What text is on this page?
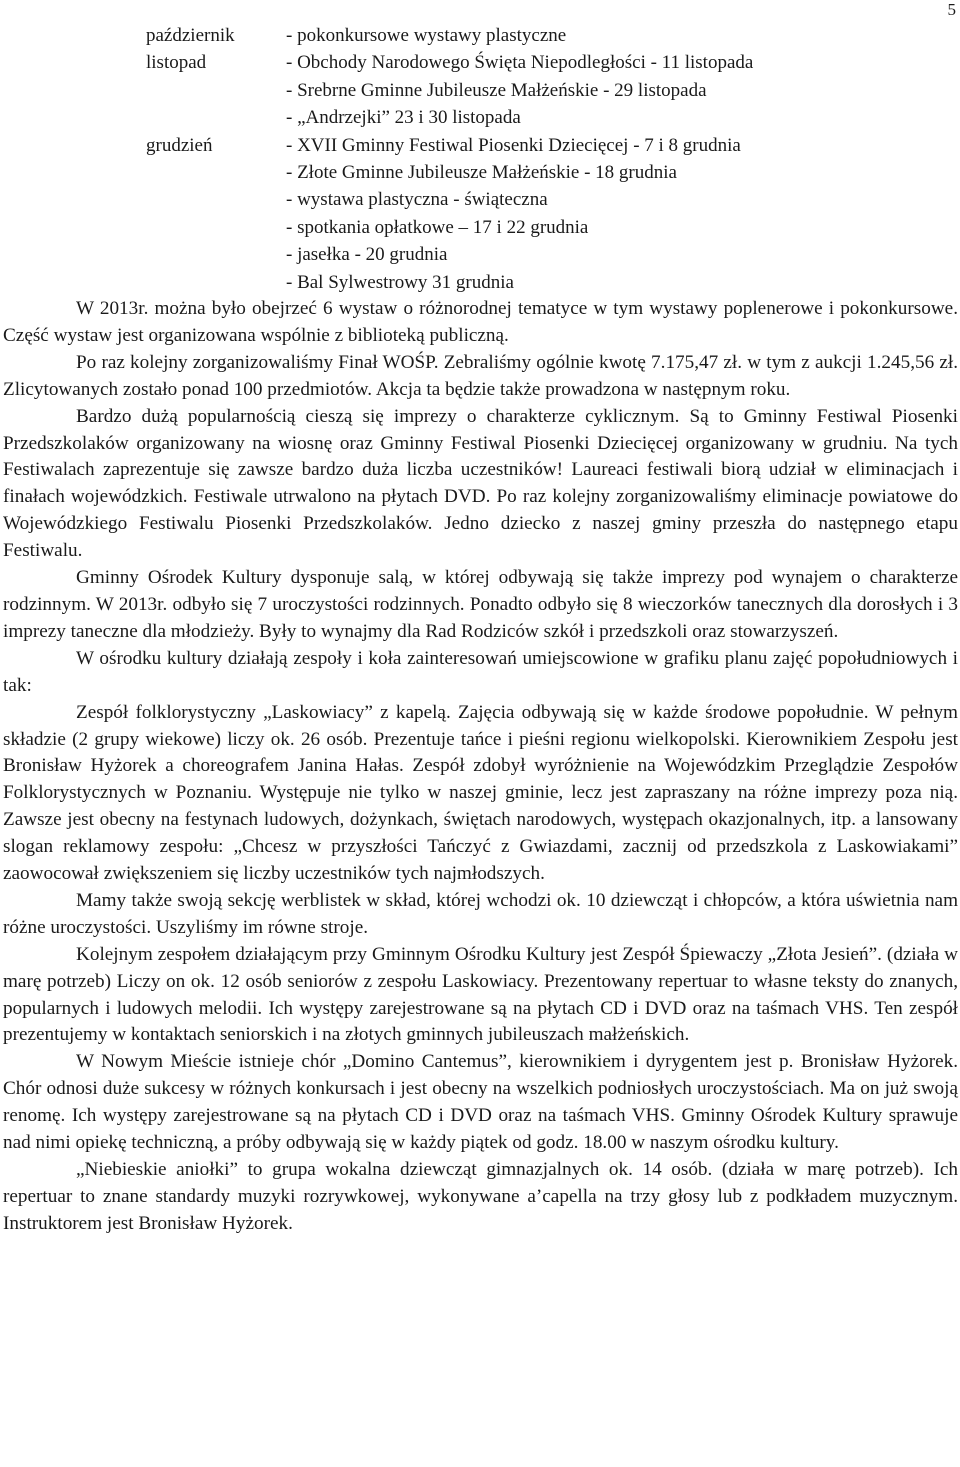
5
październik	- pokonkursowe wystawy plastyczne
listopad	- Obchody Narodowego Święta Niepodległości - 11 listopada
- Srebrne Gminne Jubileusze Małżeńskie - 29 listopada
- „Andrzejki” 23 i 30 listopada
grudzień	- XVII Gminny Festiwal Piosenki Dziecięcej - 7 i 8 grudnia
- Złote Gminne Jubileusze Małżeńskie - 18 grudnia
- wystawa plastyczna - świąteczna
- spotkania opłatkowe – 17 i 22 grudnia
- jasełka - 20 grudnia
- Bal Sylwestrowy 31 grudnia

W 2013r. można było obejrzeć 6 wystaw o różnorodnej tematyce w tym wystawy poplenerowe i pokonkursowe. Część wystaw jest organizowana wspólnie z biblioteką publiczną.

Po raz kolejny zorganizowaliśmy Finał WOŚP. Zebraliśmy ogólnie kwotę 7.175,47 zł. w tym z aukcji 1.245,56 zł. Zlicytowanych zostało ponad 100 przedmiotów. Akcja ta będzie także prowadzona w następnym roku.

Bardzo dużą popularnością cieszą się imprezy o charakterze cyklicznym. Są to Gminny Festiwal Piosenki Przedszkolaków organizowany na wiosnę oraz Gminny Festiwal Piosenki Dziecięcej organizowany w grudniu. Na tych Festiwalach zaprezentuje się zawsze bardzo duża liczba uczestników! Laureaci festiwali biorą udział w eliminacjach i finałach wojewódzkich. Festiwale utrwalono na płytach DVD. Po raz kolejny zorganizowaliśmy eliminacje powiatowe do Wojewódzkiego Festiwalu Piosenki Przedszkolaków. Jedno dziecko z naszej gminy przeszła do następnego etapu Festiwalu.

Gminny Ośrodek Kultury dysponuje salą, w której odbywają się także imprezy pod wynajem o charakterze rodzinnym. W 2013r. odbyło się 7 uroczystości rodzinnych. Ponadto odbyło się 8 wieczorków tanecznych dla dorosłych i 3 imprezy taneczne dla młodzieży. Były to wynajmy dla Rad Rodziców szkół i przedszkoli oraz stowarzyszeń.

W ośrodku kultury działają zespoły i koła zainteresowań umiejscowione w grafiku planu zajęć popołudniowych i tak:

Zespół folklorystyczny „Laskowiacy” z kapelą. Zajęcia odbywają się w każde środowe popołudnie. W pełnym składzie (2 grupy wiekowe) liczy ok. 26 osób. Prezentuje tańce i pieśni regionu wielkopolski. Kierownikiem Zespołu jest Bronisław Hyżorek a choreografem Janina Hałas. Zespół zdobył wyróżnienie na Wojewódzkim Przeglądzie Zespołów Folklorystycznych w Poznaniu. Występuje nie tylko w naszej gminie, lecz jest zapraszany na różne imprezy poza nią. Zawsze jest obecny na festynach ludowych, dożynkach, świętach narodowych, występach okazjonalnych, itp. a lansowany slogan reklamowy zespołu: „Chcesz w przyszłości Tańczyć z Gwiazdami, zacznij od przedszkola z Laskowiakami” zaowocował zwiększeniem się liczby uczestników tych najmłodszych.

Mamy także swoją sekcję werblistek w skład, której wchodzi ok. 10 dziewcząt i chłopców, a która uświetnia nam różne uroczystości. Uszyliśmy im równe stroje.

Kolejnym zespołem działającym przy Gminnym Ośrodku Kultury jest Zespół Śpiewaczy „Złota Jesień”. (działa w marę potrzeb) Liczy on ok. 12 osób seniorów z zespołu Laskowiacy. Prezentowany repertuar to własne teksty do znanych, popularnych i ludowych melodii. Ich występy zarejestrowane są na płytach CD i DVD oraz na taśmach VHS. Ten zespół prezentujemy w kontaktach seniorskich i na złotych gminnych jubileuszach małżeńskich.

W Nowym Mieście istnieje chór „Domino Cantemus”, kierownikiem i dyrygentem jest p. Bronisław Hyżorek. Chór odnosi duże sukcesy w różnych konkursach i jest obecny na wszelkich podniosłych uroczystościach. Ma on już swoją renomę. Ich występy zarejestrowane są na płytach CD i DVD oraz na taśmach VHS. Gminny Ośrodek Kultury sprawuje nad nimi opiekę techniczną, a próby odbywają się w każdy piątek od godz. 18.00 w naszym ośrodku kultury.

„Niebieskie aniołki” to grupa wokalna dziewcząt gimnazjalnych ok. 14 osób. (działa w marę potrzeb). Ich repertuar to znane standardy muzyki rozrywkowej, wykonywane a’capella na trzy głosy lub z podkładem muzycznym. Instruktorem jest Bronisław Hyżorek.
